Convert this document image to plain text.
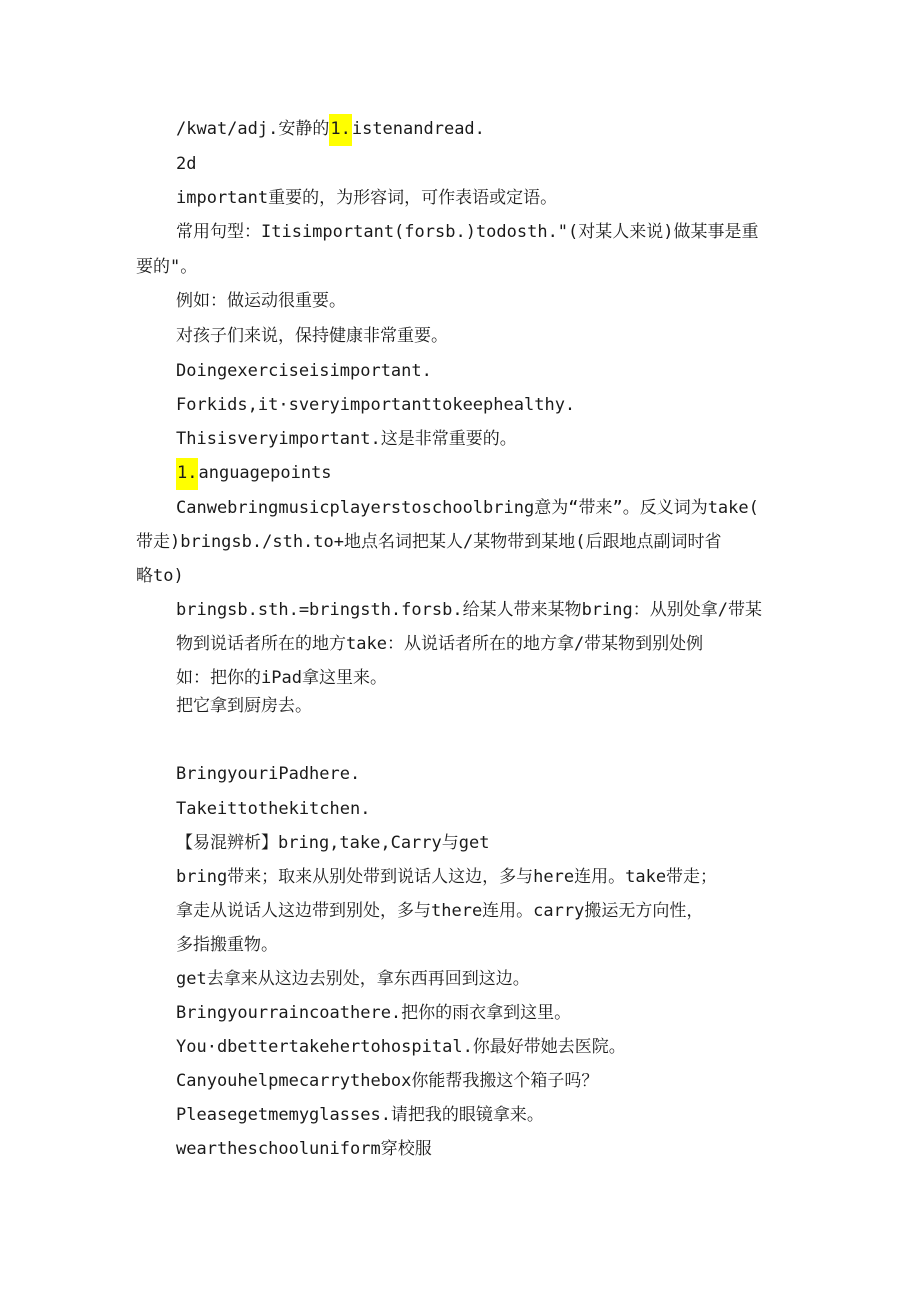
/kwat/adj.安静的1.istenandread.
2d
important重要的，为形容词，可作表语或定语。
常用句型：Itisimportant(forsb.)todosth."(对某人来说)做某事是重
要的"。
例如：做运动很重要。
对孩子们来说，保持健康非常重要。
Doingexerciseisimportant.
Forkids,it·sveryimportanttokeephealthy.
Thisisveryimportant.这是非常重要的。
1.anguagepoints
Canwebringmusicplayerstoschoolbring意为“带来”。反义词为take(
带走)bringsb./sth.to+地点名词把某人/某物带到某地(后跟地点副词时省
略to)
bringsb.sth.=bringsth.forsb.给某人带来某物bring：从别处拿/带某
物到说话者所在的地方take：从说话者所在的地方拿/带某物到别处例
如：把你的iPad拿这里来。
把它拿到厨房去。
BringyouriPadhere.
Takeittothekitchen.
【易混辨析】bring,take,Carry与get
bring带来；取来从别处带到说话人这边，多与here连用。take带走；
拿走从说话人这边带到别处，多与there连用。carry搬运无方向性，
多指搬重物。
get去拿来从这边去别处，拿东西再回到这边。
Bringyourraincoathere.把你的雨衣拿到这里。
You·dbettertakehertohospital.你最好带她去医院。
Canyouhelpmecarrythebox你能帮我搬这个箱子吗？
Pleasegetmemyglasses.请把我的眼镜拿来。
weartheschooluniform穿校服
